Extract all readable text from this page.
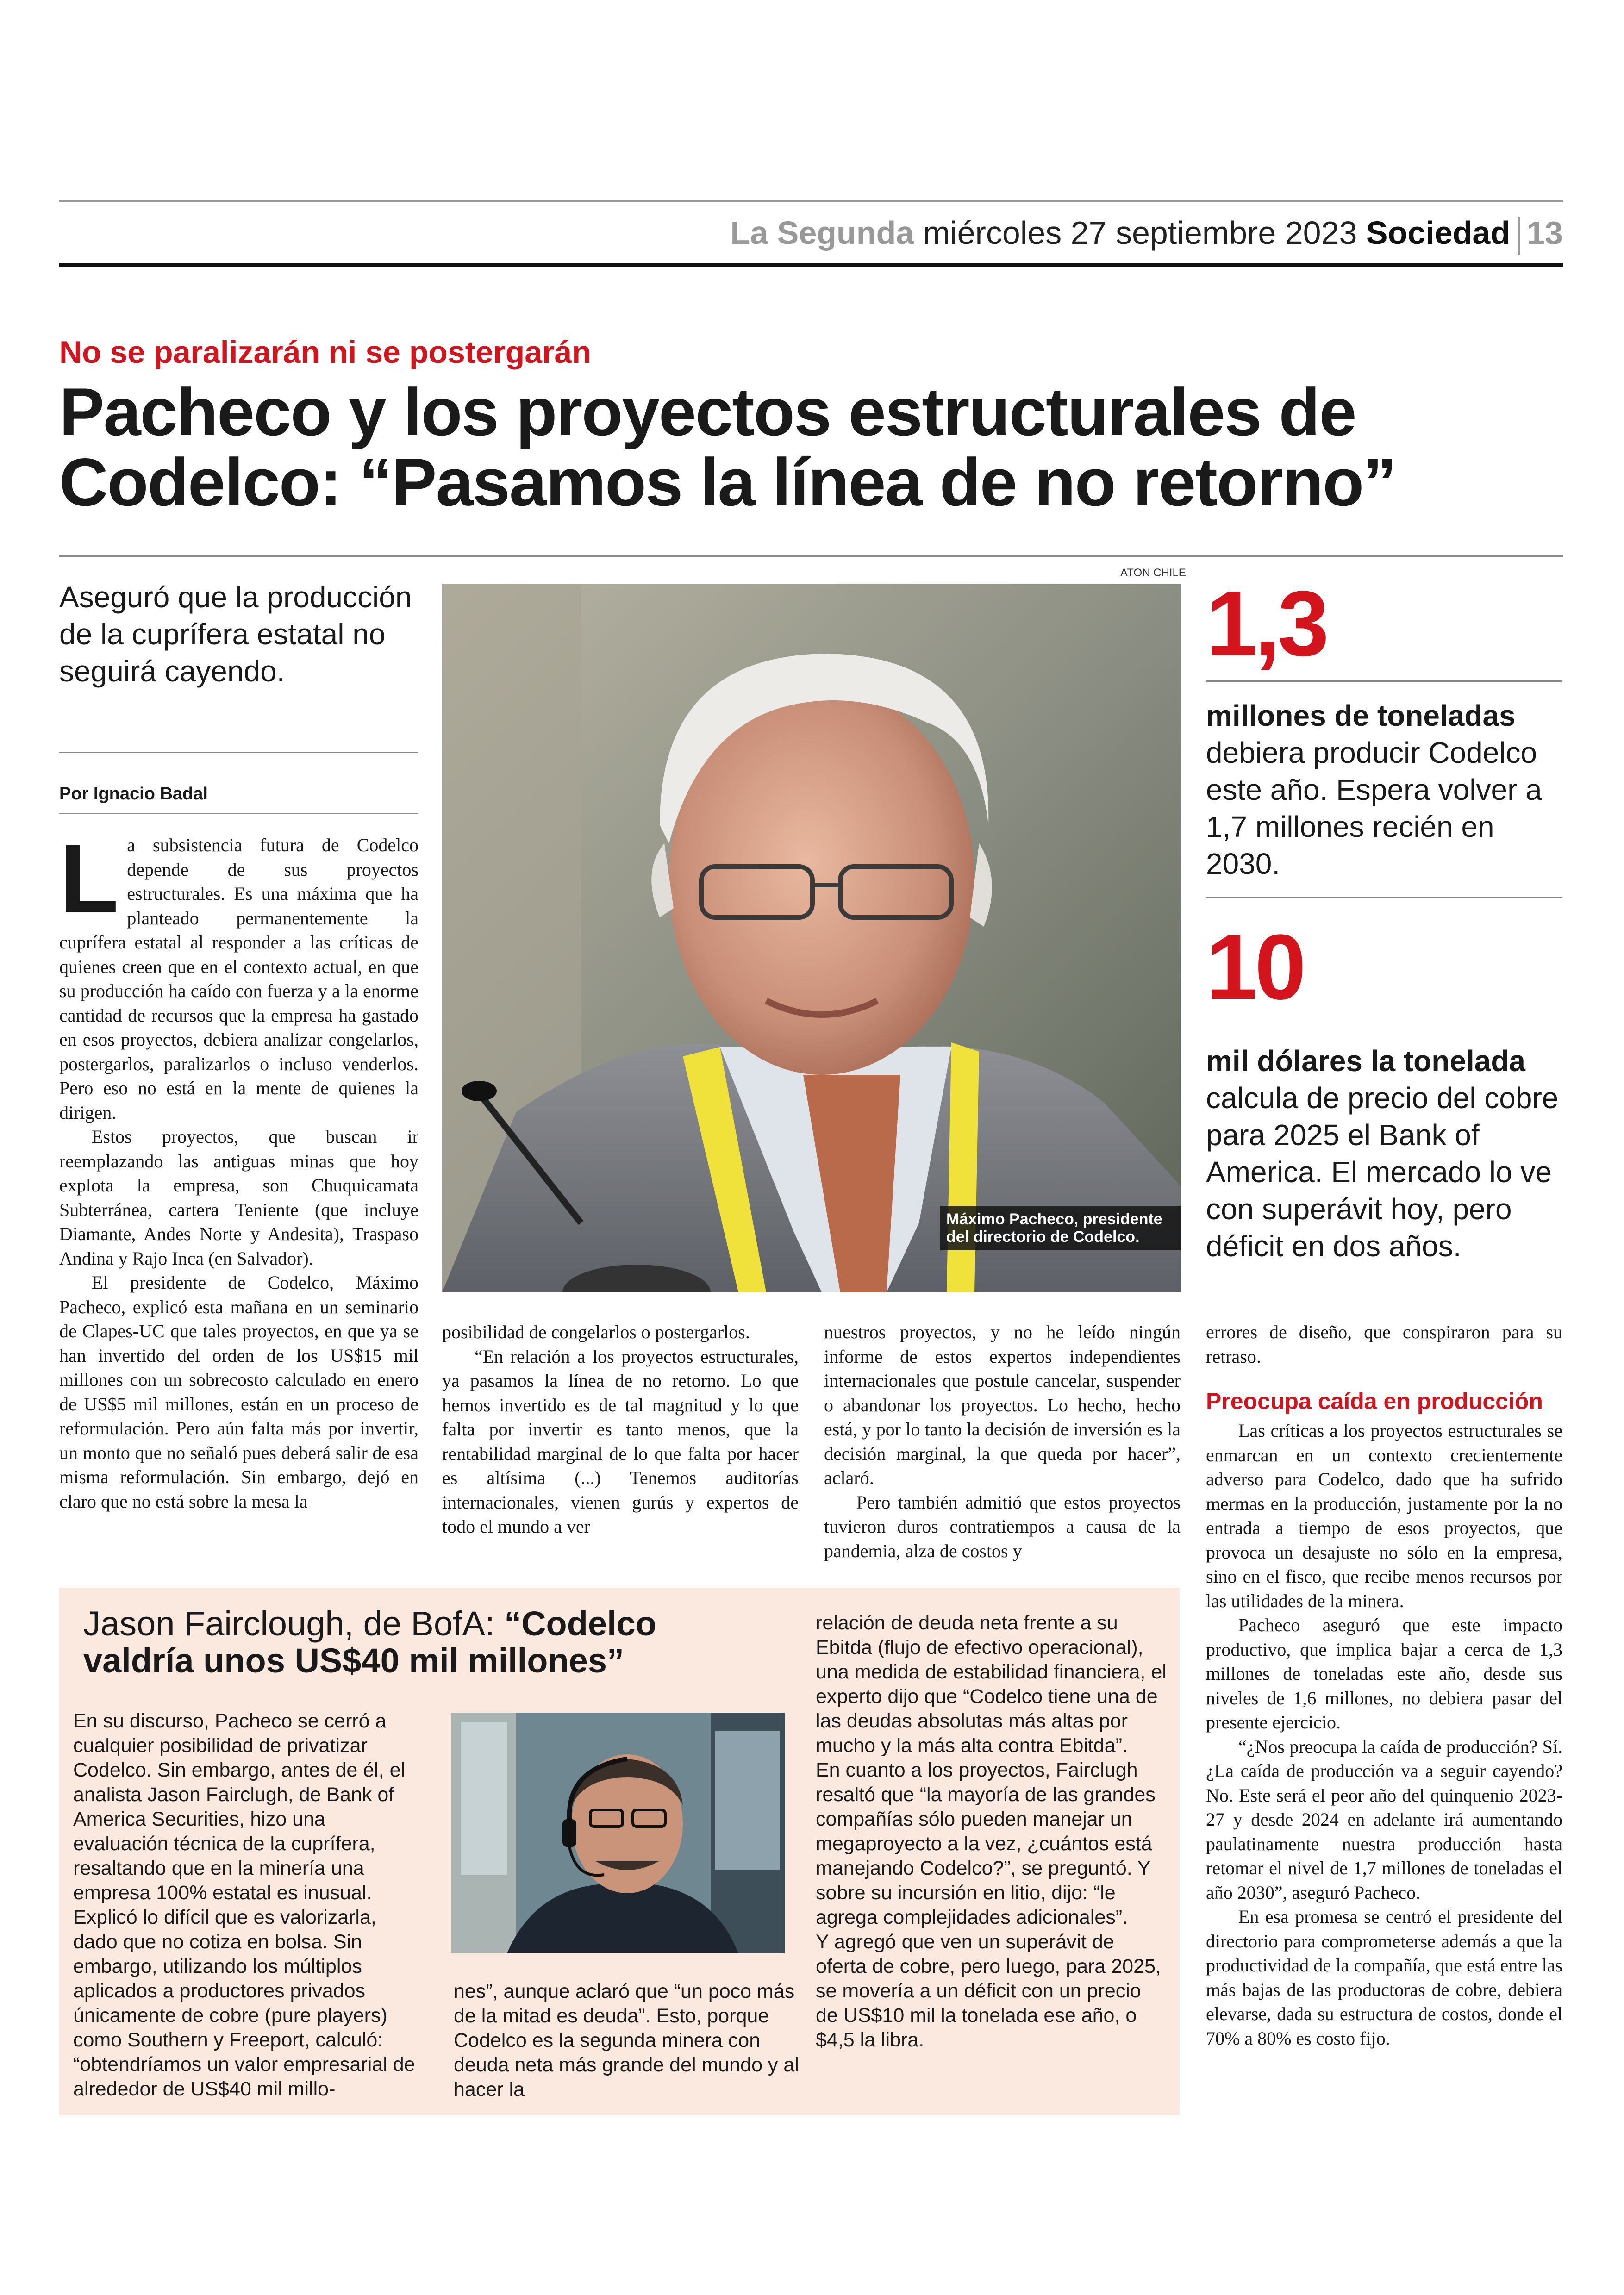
La Segunda miércoles 27 septiembre 2023 Sociedad 13
No se paralizarán ni se postergarán
Pacheco y los proyectos estructurales de Codelco: “Pasamos la línea de no retorno”
Aseguró que la producción de la cuprífera estatal no seguirá cayendo.
Por Ignacio Badal

La subsistencia futura de Codelco depende de sus proyectos estructurales. Es una máxima que ha planteado permanentemente la cuprífera estatal al responder a las críticas de quienes creen que en el contexto actual, en que su producción ha caído con fuerza y a la enorme cantidad de recursos que la empresa ha gastado en esos proyectos, debiera analizar congelarlos, postergarlos, paralizarlos o incluso venderlos. Pero eso no está en la mente de quienes la dirigen.

Estos proyectos, que buscan ir reemplazando las antiguas minas que hoy explota la empresa, son Chuquicamata Subterránea, cartera Teniente (que incluye Diamante, Andes Norte y Andesita), Traspaso Andina y Rajo Inca (en Salvador).

El presidente de Codelco, Máximo Pacheco, explicó esta mañana en un seminario de Clapes-UC que tales proyectos, en que ya se han invertido del orden de los US$15 mil millones con un sobrecosto calculado en enero de US$5 mil millones, están en un proceso de reformulación. Pero aún falta más por invertir, un monto que no señaló pues deberá salir de esa misma reformulación. Sin embargo, dejó en claro que no está sobre la mesa la

ATON CHILE
Máximo Pacheco, presidente del directorio de Codelco.
1,3
millones de toneladas
debiera producir Codelco este año. Espera volver a 1,7 millones recién en 2030.
10
mil dólares la tonelada
calcula de precio del cobre para 2025 el Bank of America. El mercado lo ve con superávit hoy, pero déficit en dos años.

posibilidad de congelarlos o postergarlos.

“En relación a los proyectos estructurales, ya pasamos la línea de no retorno. Lo que hemos invertido es de tal magnitud y lo que falta por invertir es tanto menos, que la rentabilidad marginal de lo que falta por hacer es altísima (...) Tenemos auditorías internacionales, vienen gurús y expertos de todo el mundo a ver

nuestros proyectos, y no he leído ningún informe de estos expertos independientes internacionales que postule cancelar, suspender o abandonar los proyectos. Lo hecho, hecho está, y por lo tanto la decisión de inversión es la decisión marginal, la que queda por hacer”, aclaró.

Pero también admitió que estos proyectos tuvieron duros contratiempos a causa de la pandemia, alza de costos y

errores de diseño, que conspiraron para su retraso.

Preocupa caída en producción

Las críticas a los proyectos estructurales se enmarcan en un contexto crecientemente adverso para Codelco, dado que ha sufrido mermas en la producción, justamente por la no entrada a tiempo de esos proyectos, que provoca un desajuste no sólo en la empresa, sino en el fisco, que recibe menos recursos por las utilidades de la minera.

Pacheco aseguró que este impacto productivo, que implica bajar a cerca de 1,3 millones de toneladas este año, desde sus niveles de 1,6 millones, no debiera pasar del presente ejercicio.

“¿Nos preocupa la caída de producción? Sí. ¿La caída de producción va a seguir cayendo? No. Este será el peor año del quinquenio 2023-27 y desde 2024 en adelante irá aumentando paulatinamente nuestra producción hasta retomar el nivel de 1,7 millones de toneladas el año 2030”, aseguró Pacheco.

En esa promesa se centró el presidente del directorio para comprometerse además a que la productividad de la compañía, que está entre las más bajas de las productoras de cobre, debiera elevarse, dada su estructura de costos, donde el 70% a 80% es costo fijo.

Jason Fairclough, de BofA: “Codelco
valdría unos US$40 mil millones”

En su discurso, Pacheco se cerró a cualquier posibilidad de privatizar Codelco. Sin embargo, antes de él, el analista Jason Fairclugh, de Bank of America Securities, hizo una evaluación técnica de la cuprífera, resaltando que en la minería una empresa 100% estatal es inusual. Explicó lo difícil que es valorizarla, dado que no cotiza en bolsa. Sin embargo, utilizando los múltiplos aplicados a productores privados únicamente de cobre (pure players) como Southern y Freeport, calculó: “obtendríamos un valor empresarial de alrededor de US$40 mil millo-

nes”, aunque aclaró que “un poco más de la mitad es deuda”. Esto, porque Codelco es la segunda minera con deuda neta más grande del mundo y al hacer la

relación de deuda neta frente a su Ebitda (flujo de efectivo operacional), una medida de estabilidad financiera, el experto dijo que “Codelco tiene una de las deudas absolutas más altas por mucho y la más alta contra Ebitda”.

En cuanto a los proyectos, Fairclugh resaltó que “la mayoría de las grandes compañías sólo pueden manejar un megaproyecto a la vez, ¿cuántos está manejando Codelco?”, se preguntó. Y sobre su incursión en litio, dijo: “le agrega complejidades adicionales”.

Y agregó que ven un superávit de oferta de cobre, pero luego, para 2025, se movería a un déficit con un precio de US$10 mil la tonelada ese año, o $4,5 la libra.
